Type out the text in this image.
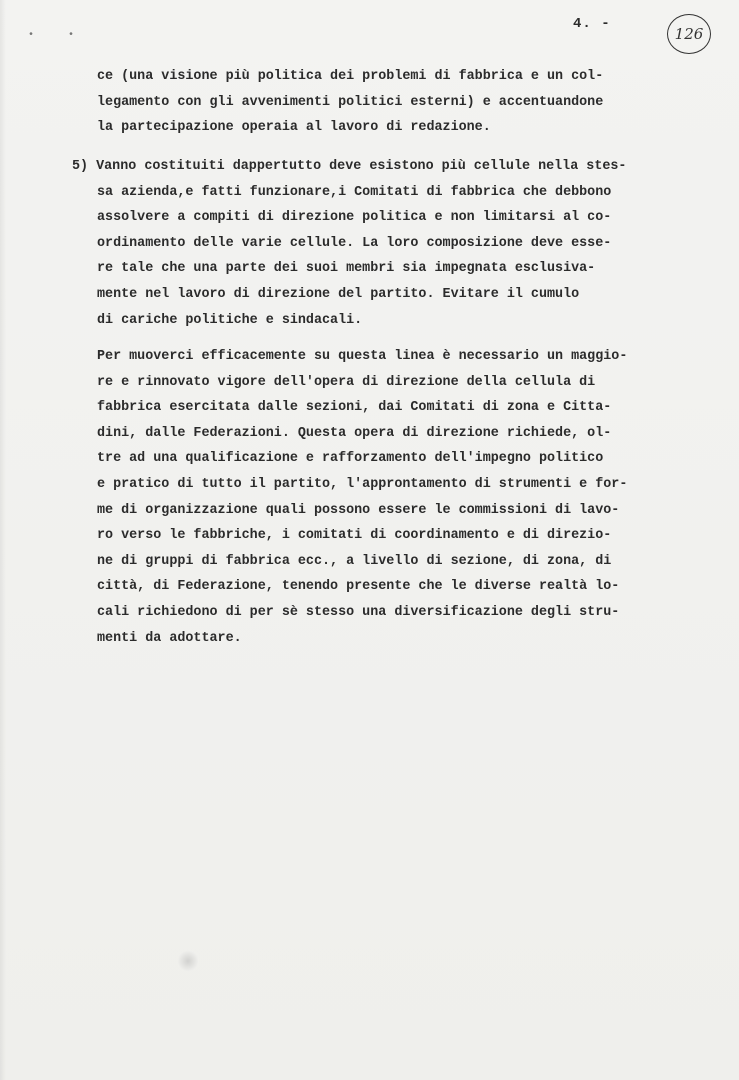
• •
4. -
126
ce (una visione più politica dei problemi di fabbrica e un col-
legamento con gli avvenimenti politici esterni) e accentuandone
la partecipazione operaia al lavoro di redazione.
5) Vanno costituiti dappertutto deve esistono più cellule nella stes-
sa azienda,e fatti funzionare,i Comitati di fabbrica che debbono
assolvere a compiti di direzione politica e non limitarsi al co-
ordinamento delle varie cellule. La loro composizione deve esse-
re tale che una parte dei suoi membri sia impegnata esclusiva-
mente nel lavoro di direzione del partito. Evitare il cumulo
di cariche politiche e sindacali.
Per muoverci efficacemente su questa linea è necessario un maggio-
re e rinnovato vigore dell'opera di direzione della cellula di
fabbrica esercitata dalle sezioni, dai Comitati di zona e Citta-
dini, dalle Federazioni. Questa opera di direzione richiede, ol-
tre ad una qualificazione e rafforzamento dell'impegno politico
e pratico di tutto il partito, l'approntamento di strumenti e for-
me di organizzazione quali possono essere le commissioni di lavo-
ro verso le fabbriche, i comitati di coordinamento e di direzio-
ne di gruppi di fabbrica ecc., a livello di sezione, di zona, di
città, di Federazione, tenendo presente che le diverse realtà lo-
cali richiedono di per sè stesso una diversificazione degli stru-
menti da adottare.
